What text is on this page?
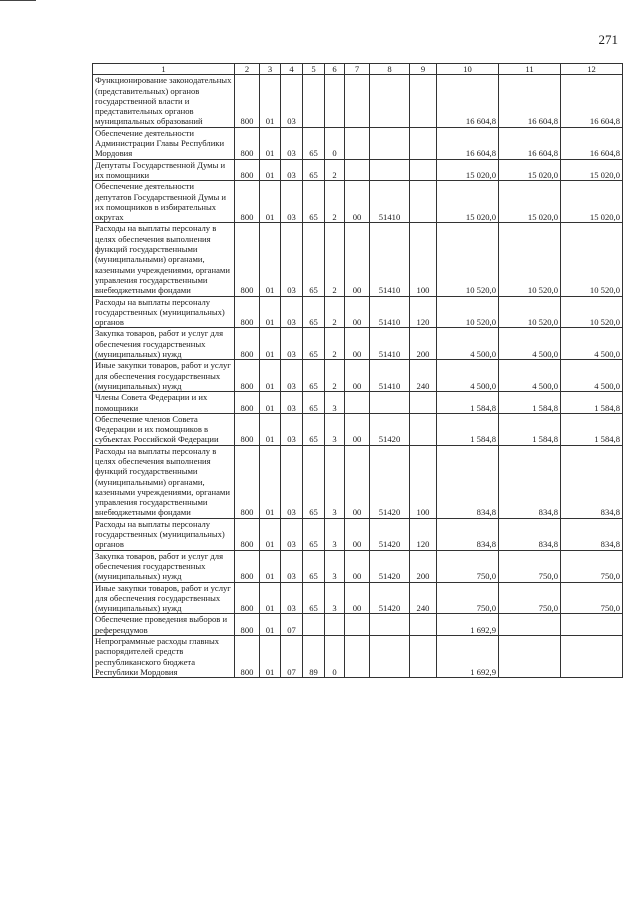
271
1	2	3	4	5	6	7	8	9	10	11	12
Функционирование законодательных (представительных) органов государственной власти и представительных органов муниципальных образований	800	01	03						16 604,8	16 604,8	16 604,8
Обеспечение деятельности Администрации Главы Республики Мордовия	800	01	03	65	0				16 604,8	16 604,8	16 604,8
Депутаты Государственной Думы и их помощники	800	01	03	65	2				15 020,0	15 020,0	15 020,0
Обеспечение деятельности депутатов Государственной Думы и их помощников в избирательных округах	800	01	03	65	2	00	51410		15 020,0	15 020,0	15 020,0
Расходы на выплаты персоналу в целях обеспечения выполнения функций государственными (муниципальными) органами, казенными учреждениями, органами управления государственными внебюджетными фондами	800	01	03	65	2	00	51410	100	10 520,0	10 520,0	10 520,0
Расходы на выплаты персоналу государственных (муниципальных) органов	800	01	03	65	2	00	51410	120	10 520,0	10 520,0	10 520,0
Закупка товаров, работ и услуг для обеспечения государственных (муниципальных) нужд	800	01	03	65	2	00	51410	200	4 500,0	4 500,0	4 500,0
Иные закупки товаров, работ и услуг для обеспечения государственных (муниципальных) нужд	800	01	03	65	2	00	51410	240	4 500,0	4 500,0	4 500,0
Члены Совета Федерации и их помощники	800	01	03	65	3				1 584,8	1 584,8	1 584,8
Обеспечение членов Совета Федерации и их помощников в субъектах Российской Федерации	800	01	03	65	3	00	51420		1 584,8	1 584,8	1 584,8
Расходы на выплаты персоналу в целях обеспечения выполнения функций государственными (муниципальными) органами, казенными учреждениями, органами управления государственными внебюджетными фондами	800	01	03	65	3	00	51420	100	834,8	834,8	834,8
Расходы на выплаты персоналу государственных (муниципальных) органов	800	01	03	65	3	00	51420	120	834,8	834,8	834,8
Закупка товаров, работ и услуг для обеспечения государственных (муниципальных) нужд	800	01	03	65	3	00	51420	200	750,0	750,0	750,0
Иные закупки товаров, работ и услуг для обеспечения государственных (муниципальных) нужд	800	01	03	65	3	00	51420	240	750,0	750,0	750,0
Обеспечение проведения выборов и референдумов	800	01	07						1 692,9		
Непрограммные расходы главных распорядителей средств республиканского бюджета Республики Мордовия	800	01	07	89	0				1 692,9		
